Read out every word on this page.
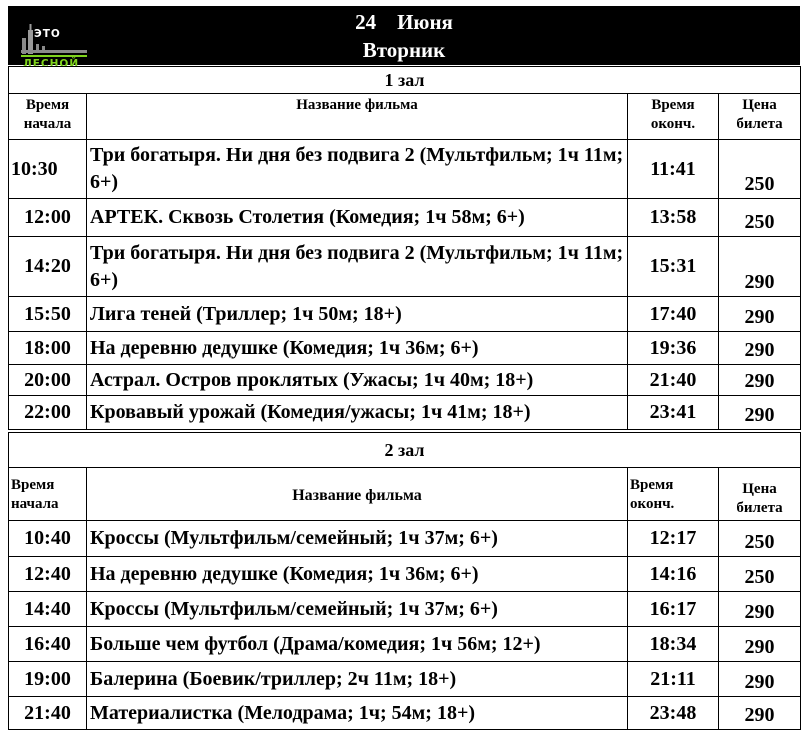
24 Июня
Вторник
ЭТО
ЛЕСНОЙ
ДЕТКА!	1 зал			
Время начала	Название фильма	Время оконч.	Цена билета
10:30	Три богатыря. Ни дня без подвига 2 (Мультфильм; 1ч 11м; 6+)	11:41	250
12:00	АРТЕК. Сквозь Столетия (Комедия; 1ч 58м; 6+)	13:58	250
14:20	Три богатыря. Ни дня без подвига 2 (Мультфильм; 1ч 11м; 6+)	15:31	290
15:50	Лига теней (Триллер; 1ч 50м; 18+)	17:40	290
18:00	На деревню дедушке (Комедия; 1ч 36м; 6+)	19:36	290
20:00	Астрал. Остров проклятых (Ужасы; 1ч 40м; 18+)	21:40	290
22:00	Кровавый урожай (Комедия/ужасы; 1ч 41м; 18+)	23:41	290
2 зал			
Время начала	Название фильма	Время оконч.	Цена билета
10:40	Кроссы (Мультфильм/семейный; 1ч 37м; 6+)	12:17	250
12:40	На деревню дедушке (Комедия; 1ч 36м; 6+)	14:16	250
14:40	Кроссы (Мультфильм/семейный; 1ч 37м; 6+)	16:17	290
16:40	Больше чем футбол (Драма/комедия; 1ч 56м; 12+)	18:34	290
19:00	Балерина (Боевик/триллер; 2ч 11м; 18+)	21:11	290
21:40	Материалистка (Мелодрама; 1ч; 54м; 18+)	23:48	290
